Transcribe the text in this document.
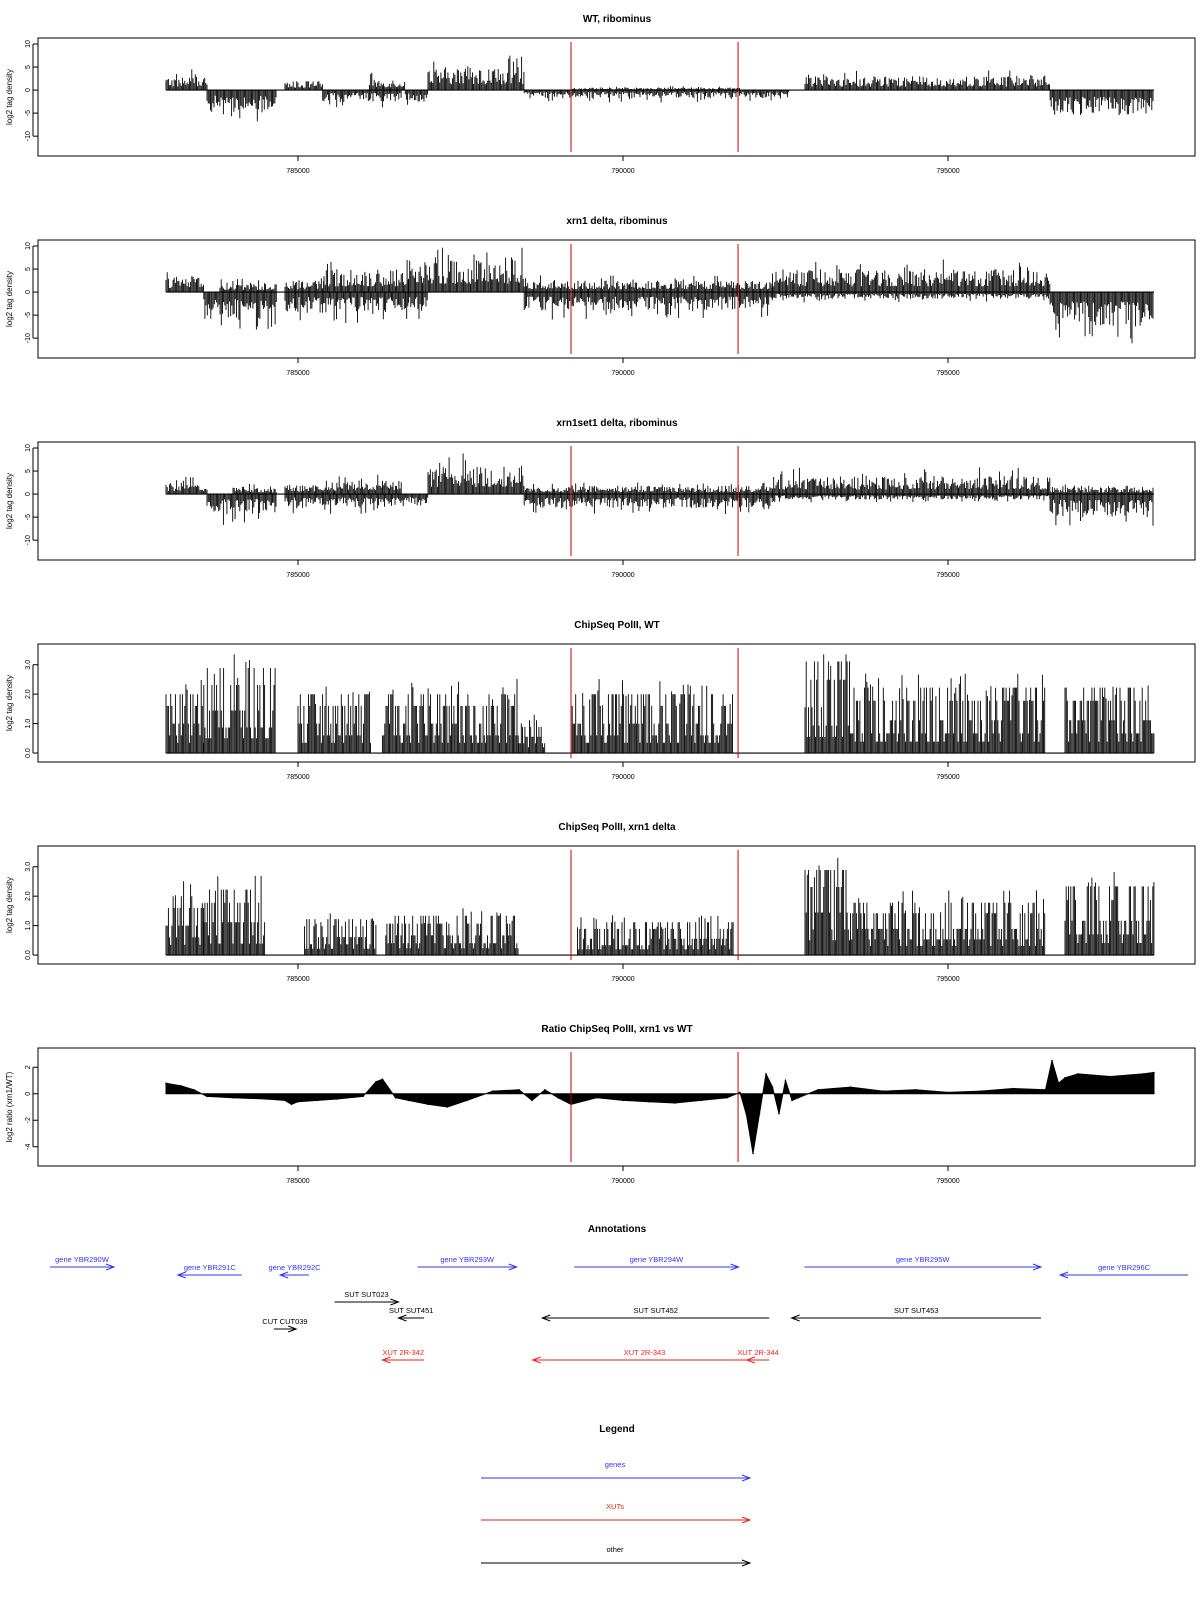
WT, ribominus
-10
-5
0
5
10
log2 tag density
785000	790000	795000
xrn1 delta, ribominus
-10
-5
0
5
10
log2 tag density
785000	790000	795000
xrn1set1 delta, ribominus
-10
-5
0
5
10
log2 tag density
785000	790000	795000
ChipSeq PolII, WT
0.0
1.0
2.0
3.0
log2 tag density
785000	790000	795000
ChipSeq PolII, xrn1 delta
0.0
1.0
2.0
3.0
log2 tag density
785000	790000	795000
Ratio ChipSeq PolII, xrn1 vs WT
-4
-2
0
2
log2 ratio (xrn1/WT)
785000	790000	795000
Annotations
gene YBR290W
gene YBR291C	gene YBR292C
gene YBR293W	gene YBR294W	gene YBR295W
gene YBR296C
SUT SUT023
SUT SUT451
CUT CUT039
SUT SUT452	SUT SUT453
XUT 2R-342	XUT 2R-343	XUT 2R-344
Legend
genes
XUTs
other
